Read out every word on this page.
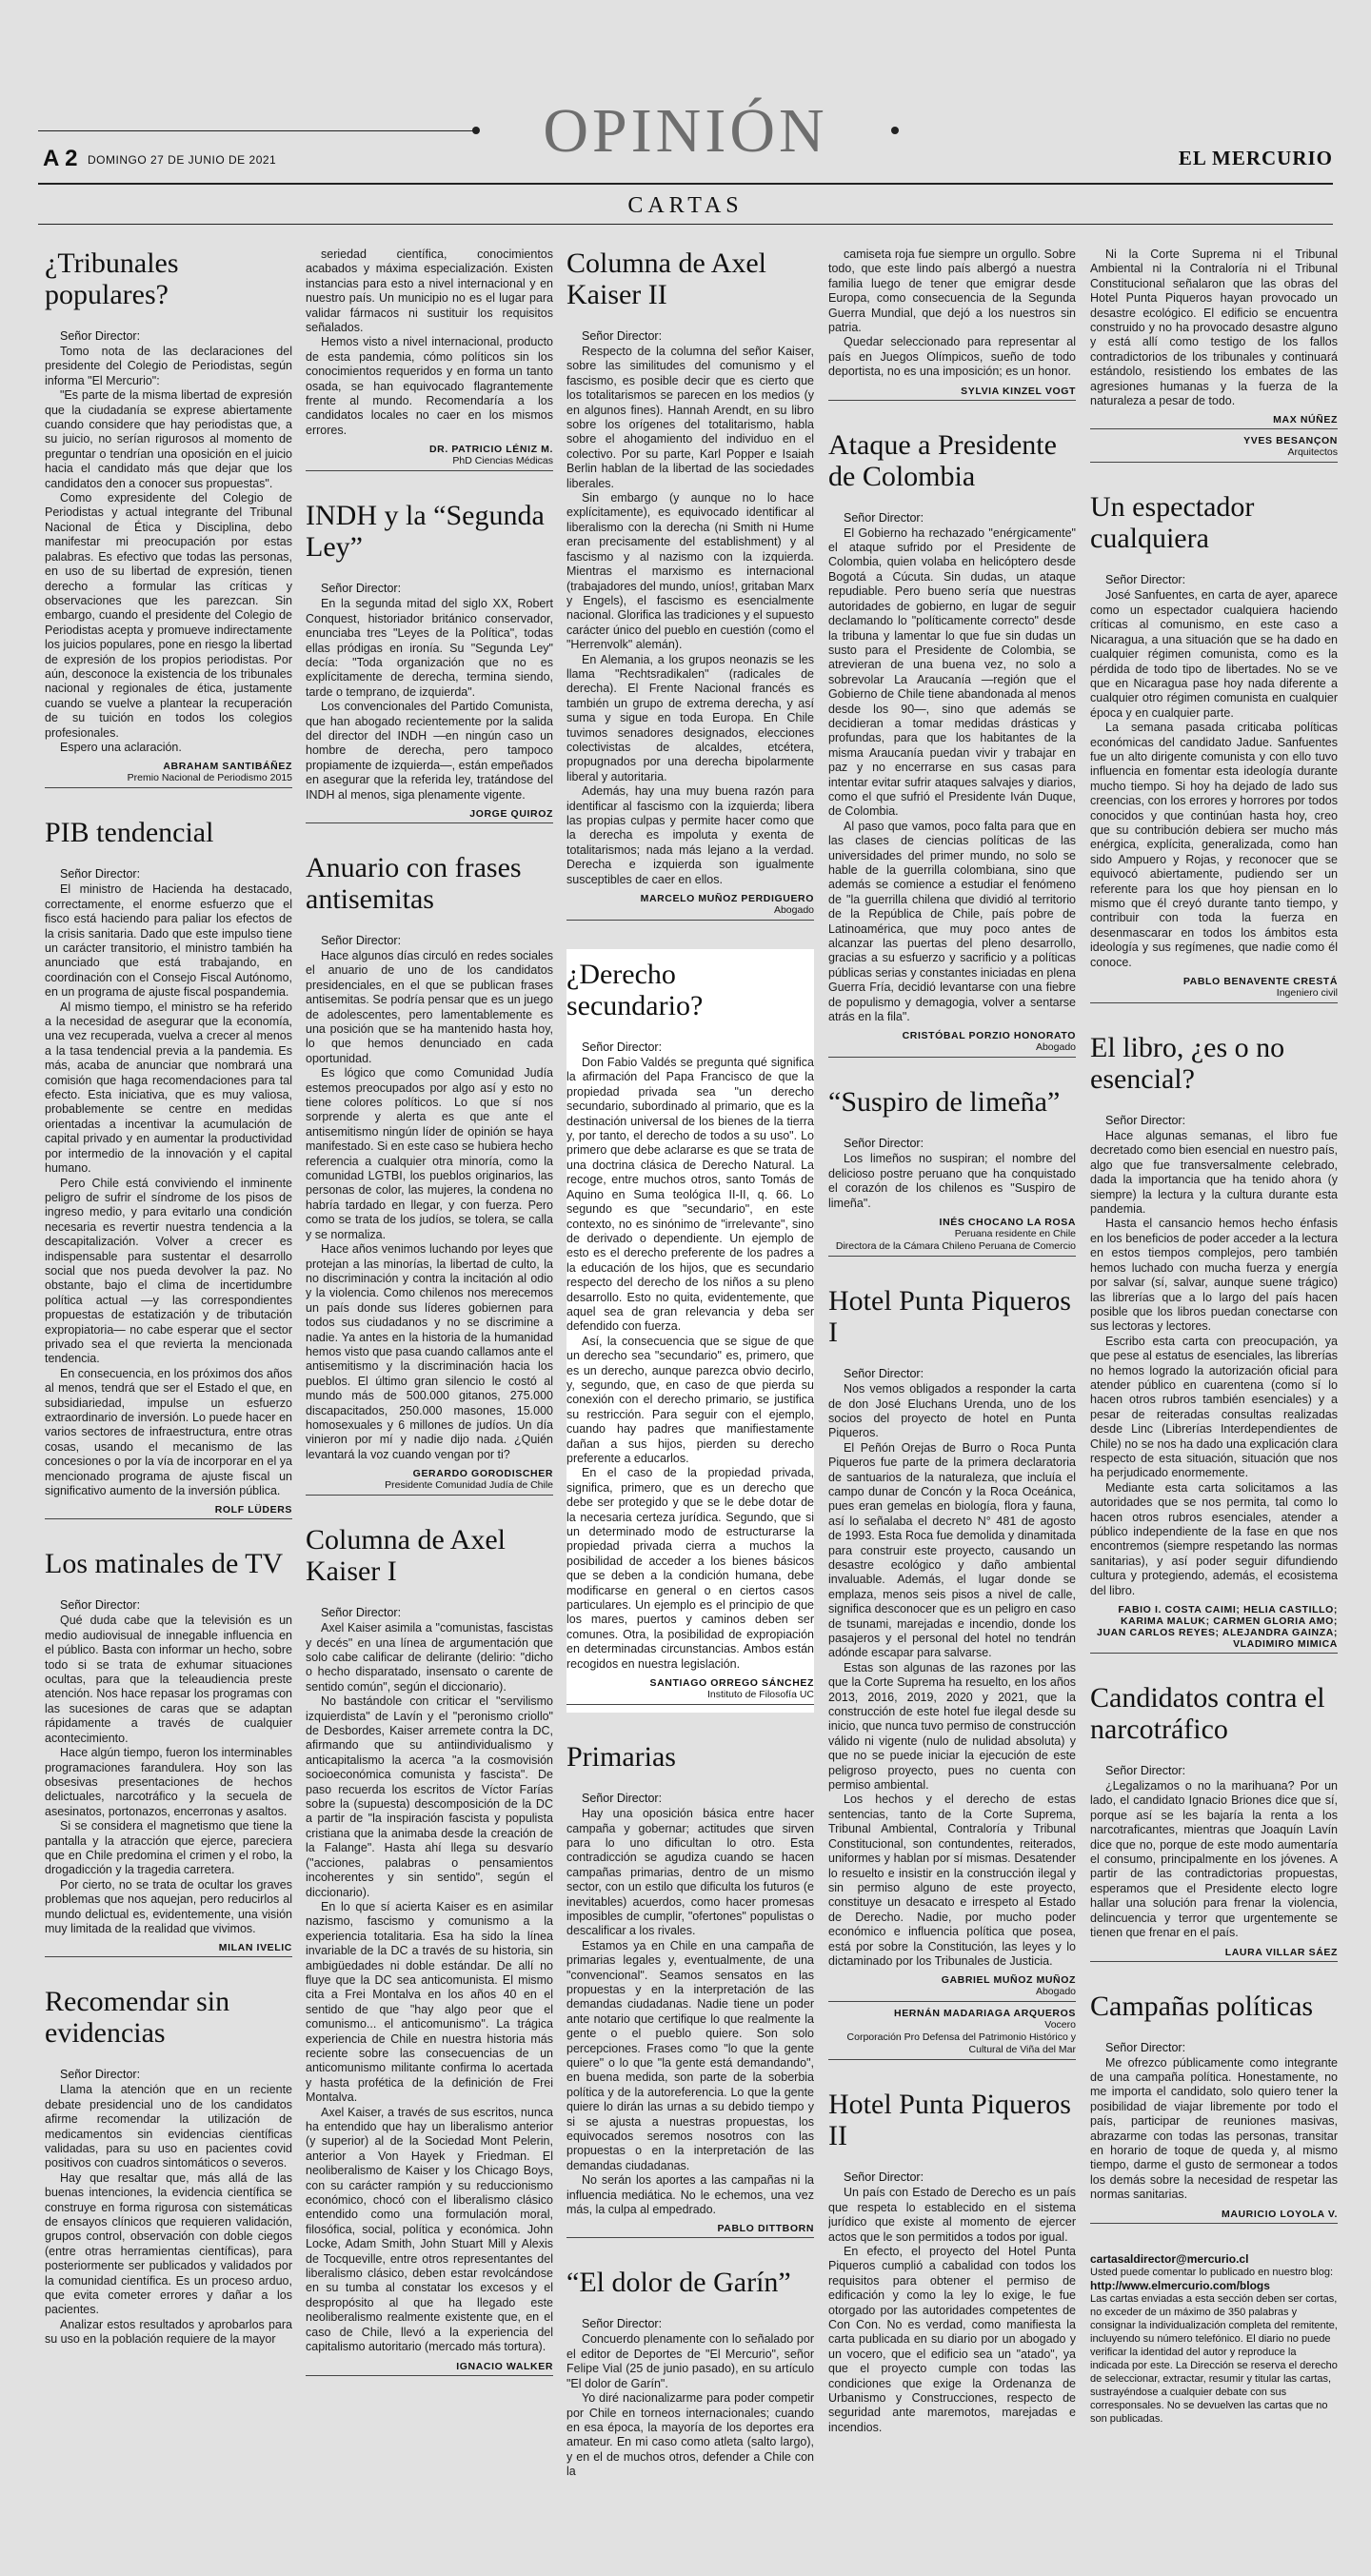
OPINIÓN
A 2 DOMINGO 27 DE JUNIO DE 2021	EL MERCURIO
CARTAS
¿Tribunales populares?
Señor Director:

Tomo nota de las declaraciones del presidente del Colegio de Periodistas, según informa "El Mercurio":

"Es parte de la misma libertad de expresión que la ciudadanía se exprese abiertamente cuando considere que hay periodistas que, a su juicio, no serían rigurosos al momento de preguntar o tendrían una oposición en el juicio hacia el candidato más que dejar que los candidatos den a conocer sus propuestas".

Como expresidente del Colegio de Periodistas y actual integrante del Tribunal Nacional de Ética y Disciplina, debo manifestar mi preocupación por estas palabras. Es efectivo que todas las personas, en uso de su libertad de expresión, tienen derecho a formular las críticas y observaciones que les parezcan. Sin embargo, cuando el presidente del Colegio de Periodistas acepta y promueve indirectamente los juicios populares, pone en riesgo la libertad de expresión de los propios periodistas. Por aún, desconoce la existencia de los tribunales nacional y regionales de ética, justamente cuando se vuelve a plantear la recuperación de su tuición en todos los colegios profesionales.

Espero una aclaración.

ABRAHAM SANTIBÁÑEZ
Premio Nacional de Periodismo 2015
PIB tendencial
Señor Director:

El ministro de Hacienda ha destacado, correctamente, el enorme esfuerzo que el fisco está haciendo para paliar los efectos de la crisis sanitaria. Dado que este impulso tiene un carácter transitorio, el ministro también ha anunciado que está trabajando, en coordinación con el Consejo Fiscal Autónomo, en un programa de ajuste fiscal pospandemia.

Al mismo tiempo, el ministro se ha referido a la necesidad de asegurar que la economía, una vez recuperada, vuelva a crecer al menos a la tasa tendencial previa a la pandemia. Es más, acaba de anunciar que nombrará una comisión que haga recomendaciones para tal efecto. Esta iniciativa, que es muy valiosa, probablemente se centre en medidas orientadas a incentivar la acumulación de capital privado y en aumentar la productividad por intermedio de la innovación y el capital humano.

Pero Chile está conviviendo el inminente peligro de sufrir el síndrome de los pisos de ingreso medio, y para evitarlo una condición necesaria es revertir nuestra tendencia a la descapitalización. Volver a crecer es indispensable para sustentar el desarrollo social que nos pueda devolver la paz. No obstante, bajo el clima de incertidumbre política actual —y las correspondientes propuestas de estatización y de tributación expropiatoria— no cabe esperar que el sector privado sea el que revierta la mencionada tendencia.

En consecuencia, en los próximos dos años al menos, tendrá que ser el Estado el que, en subsidiariedad, impulse un esfuerzo extraordinario de inversión. Lo puede hacer en varios sectores de infraestructura, entre otras cosas, usando el mecanismo de las concesiones o por la vía de incorporar en el ya mencionado programa de ajuste fiscal un significativo aumento de la inversión pública.

ROLF LÜDERS
Los matinales de TV
Señor Director:

Qué duda cabe que la televisión es un medio audiovisual de innegable influencia en el público. Basta con informar un hecho, sobre todo si se trata de exhumar situaciones ocultas, para que la teleaudiencia preste atención. Nos hace repasar los programas con las sucesiones de caras que se adaptan rápidamente a través de cualquier acontecimiento.

Hace algún tiempo, fueron los interminables programaciones farandulera. Hoy son las obsesivas presentaciones de hechos delictuales, narcotráfico y la secuela de asesinatos, portonazos, encerronas y asaltos.

Si se considera el magnetismo que tiene la pantalla y la atracción que ejerce, pareciera que en Chile predomina el crimen y el robo, la drogadicción y la tragedia carretera.

Por cierto, no se trata de ocultar los graves problemas que nos aquejan, pero reducirlos al mundo delictual es, evidentemente, una visión muy limitada de la realidad que vivimos.

MILAN IVELIC
Recomendar sin evidencias
Señor Director:

Llama la atención que en un reciente debate presidencial uno de los candidatos afirme recomendar la utilización de medicamentos sin evidencias científicas validadas, para su uso en pacientes covid positivos con cuadros sintomáticos o severos.

Hay que resaltar que, más allá de las buenas intenciones, la evidencia científica se construye en forma rigurosa con sistemáticas de ensayos clínicos que requieren validación, grupos control, observación con doble ciegos (entre otras herramientas científicas), para posteriormente ser publicados y validados por la comunidad científica. Es un proceso arduo, que evita cometer errores y dañar a los pacientes.

Analizar estos resultados y aprobarlos para su uso en la población requiere de la mayor

seriedad científica, conocimientos acabados y máxima especialización. Existen instancias para esto a nivel internacional y en nuestro país. Un municipio no es el lugar para validar fármacos ni sustituir los requisitos señalados.

Hemos visto a nivel internacional, producto de esta pandemia, cómo políticos sin los conocimientos requeridos y en forma un tanto osada, se han equivocado flagrantemente frente al mundo. Recomendaría a los candidatos locales no caer en los mismos errores.

DR. PATRICIO LÉNIZ M.
PhD Ciencias Médicas
INDH y la “Segunda Ley”
Señor Director:

En la segunda mitad del siglo XX, Robert Conquest, historiador británico conservador, enunciaba tres "Leyes de la Política", todas ellas pródigas en ironía. Su "Segunda Ley" decía: "Toda organización que no es explícitamente de derecha, termina siendo, tarde o temprano, de izquierda".

Los convencionales del Partido Comunista, que han abogado recientemente por la salida del director del INDH —en ningún caso un hombre de derecha, pero tampoco propiamente de izquierda—, están empeñados en asegurar que la referida ley, tratándose del INDH al menos, siga plenamente vigente.

JORGE QUIROZ
Anuario con frases antisemitas
Señor Director:

Hace algunos días circuló en redes sociales el anuario de uno de los candidatos presidenciales, en el que se publican frases antisemitas. Se podría pensar que es un juego de adolescentes, pero lamentablemente es una posición que se ha mantenido hasta hoy, lo que hemos denunciado en cada oportunidad.

Es lógico que como Comunidad Judía estemos preocupados por algo así y esto no tiene colores políticos. Lo que sí nos sorprende y alerta es que ante el antisemitismo ningún líder de opinión se haya manifestado. Si en este caso se hubiera hecho referencia a cualquier otra minoría, como la comunidad LGTBI, los pueblos originarios, las personas de color, las mujeres, la condena no habría tardado en llegar, y con fuerza. Pero como se trata de los judíos, se tolera, se calla y se normaliza.

Hace años venimos luchando por leyes que protejan a las minorías, la libertad de culto, la no discriminación y contra la incitación al odio y la violencia. Como chilenos nos merecemos un país donde sus líderes gobiernen para todos sus ciudadanos y no se discrimine a nadie. Ya antes en la historia de la humanidad hemos visto que pasa cuando callamos ante el antisemitismo y la discriminación hacia los pueblos. El último gran silencio le costó al mundo más de 500.000 gitanos, 275.000 discapacitados, 250.000 masones, 15.000 homosexuales y 6 millones de judíos. Un día vinieron por mí y nadie dijo nada. ¿Quién levantará la voz cuando vengan por ti?

GERARDO GORODISCHER
Presidente Comunidad Judía de Chile
Columna de Axel Kaiser I
Señor Director:

Axel Kaiser asimila a "comunistas, fascistas y decés" en una línea de argumentación que solo cabe calificar de delirante (delirio: "dicho o hecho disparatado, insensato o carente de sentido común", según el diccionario).

No bastándole con criticar el "servilismo izquierdista" de Lavín y el "peronismo criollo" de Desbordes, Kaiser arremete contra la DC, afirmando que su antiindividualismo y anticapitalismo la acerca "a la cosmovisión socioeconómica comunista y fascista". De paso recuerda los escritos de Víctor Farías sobre la (supuesta) descomposición de la DC a partir de "la inspiración fascista y populista cristiana que la animaba desde la creación de la Falange". Hasta ahí llega su desvarío ("acciones, palabras o pensamientos incoherentes y sin sentido", según el diccionario).

En lo que sí acierta Kaiser es en asimilar nazismo, fascismo y comunismo a la experiencia totalitaria. Esa ha sido la línea invariable de la DC a través de su historia, sin ambigüedades ni doble estándar. De allí no fluye que la DC sea anticomunista. El mismo cita a Frei Montalva en los años 40 en el sentido de que "hay algo peor que el comunismo... el anticomunismo". La trágica experiencia de Chile en nuestra historia más reciente sobre las consecuencias de un anticomunismo militante confirma lo acertada y hasta profética de la definición de Frei Montalva.

Axel Kaiser, a través de sus escritos, nunca ha entendido que hay un liberalismo anterior (y superior) al de la Sociedad Mont Pelerin, anterior a Von Hayek y Friedman. El neoliberalismo de Kaiser y los Chicago Boys, con su carácter rampión y su reduccionismo económico, chocó con el liberalismo clásico entendido como una formulación moral, filosófica, social, política y económica. John Locke, Adam Smith, John Stuart Mill y Alexis de Tocqueville, entre otros representantes del liberalismo clásico, deben estar revolcándose en su tumba al constatar los excesos y el despropósito al que ha llegado este neoliberalismo realmente existente que, en el caso de Chile, llevó a la experiencia del capitalismo autoritario (mercado más tortura).

IGNACIO WALKER
Columna de Axel Kaiser II
Señor Director:

Respecto de la columna del señor Kaiser, sobre las similitudes del comunismo y el fascismo, es posible decir que es cierto que los totalitarismos se parecen en los medios (y en algunos fines). Hannah Arendt, en su libro sobre los orígenes del totalitarismo, habla sobre el ahogamiento del individuo en el colectivo. Por su parte, Karl Popper e Isaiah Berlin hablan de la libertad de las sociedades liberales.

Sin embargo (y aunque no lo hace explícitamente), es equivocado identificar al liberalismo con la derecha (ni Smith ni Hume eran precisamente del establishment) y al fascismo y al nazismo con la izquierda. Mientras el marxismo es internacional (trabajadores del mundo, uníos!, gritaban Marx y Engels), el fascismo es esencialmente nacional. Glorifica las tradiciones y el supuesto carácter único del pueblo en cuestión (como el "Herrenvolk" alemán).

En Alemania, a los grupos neonazis se les llama "Rechtsradikalen" (radicales de derecha). El Frente Nacional francés es también un grupo de extrema derecha, y así suma y sigue en toda Europa. En Chile tuvimos senadores designados, elecciones colectivistas de alcaldes, etcétera, propugnados por una derecha bipolarmente liberal y autoritaria.

Además, hay una muy buena razón para identificar al fascismo con la izquierda; libera las propias culpas y permite hacer como que la derecha es impoluta y exenta de totalitarismos; nada más lejano a la verdad. Derecha e izquierda son igualmente susceptibles de caer en ellos.

MARCELO MUÑOZ PERDIGUERO
Abogado
¿Derecho secundario?
Señor Director:

Don Fabio Valdés se pregunta qué significa la afirmación del Papa Francisco de que la propiedad privada sea "un derecho secundario, subordinado al primario, que es la destinación universal de los bienes de la tierra y, por tanto, el derecho de todos a su uso". Lo primero que debe aclararse es que se trata de una doctrina clásica de Derecho Natural. La recoge, entre muchos otros, santo Tomás de Aquino en Suma teológica II-II, q. 66. Lo segundo es que "secundario", en este contexto, no es sinónimo de "irrelevante", sino de derivado o dependiente. Un ejemplo de esto es el derecho preferente de los padres a la educación de los hijos, que es secundario respecto del derecho de los niños a su pleno desarrollo. Esto no quita, evidentemente, que aquel sea de gran relevancia y deba ser defendido con fuerza.

Así, la consecuencia que se sigue de que un derecho sea "secundario" es, primero, que es un derecho, aunque parezca obvio decirlo, y, segundo, que, en caso de que pierda su conexión con el derecho primario, se justifica su restricción. Para seguir con el ejemplo, cuando hay padres que manifiestamente dañan a sus hijos, pierden su derecho preferente a educarlos.

En el caso de la propiedad privada, significa, primero, que es un derecho que debe ser protegido y que se le debe dotar de la necesaria certeza jurídica. Segundo, que si un determinado modo de estructurarse la propiedad privada cierra a muchos la posibilidad de acceder a los bienes básicos que se deben a la condición humana, debe modificarse en general o en ciertos casos particulares. Un ejemplo es el principio de que los mares, puertos y caminos deben ser comunes. Otra, la posibilidad de expropiación en determinadas circunstancias. Ambos están recogidos en nuestra legislación.

SANTIAGO ORREGO SÁNCHEZ
Instituto de Filosofía UC
Primarias
Señor Director:

Hay una oposición básica entre hacer campaña y gobernar; actitudes que sirven para lo uno dificultan lo otro. Esta contradicción se agudiza cuando se hacen campañas primarias, dentro de un mismo sector, con un estilo que dificulta los futuros (e inevitables) acuerdos, como hacer promesas imposibles de cumplir, "ofertones" populistas o descalificar a los rivales.

Estamos ya en Chile en una campaña de primarias legales y, eventualmente, de una "convencional". Seamos sensatos en las propuestas y en la interpretación de las demandas ciudadanas. Nadie tiene un poder ante notario que certifique lo que realmente la gente o el pueblo quiere. Son solo percepciones. Frases como "lo que la gente quiere" o lo que "la gente está demandando", en buena medida, son parte de la soberbia política y de la autoreferencia. Lo que la gente quiere lo dirán las urnas a su debido tiempo y si se ajusta a nuestras propuestas, los equivocados seremos nosotros con las propuestas o en la interpretación de las demandas ciudadanas.

No serán los aportes a las campañas ni la influencia mediática. No le echemos, una vez más, la culpa al empedrado.

PABLO DITTBORN
“El dolor de Garín”
Señor Director:

Concuerdo plenamente con lo señalado por el editor de Deportes de "El Mercurio", señor Felipe Vial (25 de junio pasado), en su artículo "El dolor de Garín".

Yo diré nacionalizarme para poder competir por Chile en torneos internacionales; cuando en esa época, la mayoría de los deportes era amateur. En mi caso como atleta (salto largo), y en el de muchos otros, defender a Chile con la

camiseta roja fue siempre un orgullo. Sobre todo, que este lindo país albergó a nuestra familia luego de tener que emigrar desde Europa, como consecuencia de la Segunda Guerra Mundial, que dejó a los nuestros sin patria.

Quedar seleccionado para representar al país en Juegos Olímpicos, sueño de todo deportista, no es una imposición; es un honor.

SYLVIA KINZEL VOGT
Ataque a Presidente de Colombia
Señor Director:

El Gobierno ha rechazado "enérgicamente" el ataque sufrido por el Presidente de Colombia, quien volaba en helicóptero desde Bogotá a Cúcuta. Sin dudas, un ataque repudiable. Pero bueno sería que nuestras autoridades de gobierno, en lugar de seguir declamando lo "políticamente correcto" desde la tribuna y lamentar lo que fue sin dudas un susto para el Presidente de Colombia, se atrevieran de una buena vez, no solo a sobrevolar La Araucanía —región que el Gobierno de Chile tiene abandonada al menos desde los 90—, sino que además se decidieran a tomar medidas drásticas y profundas, para que los habitantes de la misma Araucanía puedan vivir y trabajar en paz y no encerrarse en sus casas para intentar evitar sufrir ataques salvajes y diarios, como el que sufrió el Presidente Iván Duque, de Colombia.

Al paso que vamos, poco falta para que en las clases de ciencias políticas de las universidades del primer mundo, no solo se hable de la guerrilla colombiana, sino que además se comience a estudiar el fenómeno de "la guerrilla chilena que dividió al territorio de la República de Chile, país pobre de Latinoamérica, que muy poco antes de alcanzar las puertas del pleno desarrollo, gracias a su esfuerzo y sacrificio y a políticas públicas serias y constantes iniciadas en plena Guerra Fría, decidió levantarse con una fiebre de populismo y demagogia, volver a sentarse atrás en la fila".

CRISTÓBAL PORZIO HONORATO
Abogado
“Suspiro de limeña”
Señor Director:

Los limeños no suspiran; el nombre del delicioso postre peruano que ha conquistado el corazón de los chilenos es "Suspiro de limeña".

INÉS CHOCANO LA ROSA
Peruana residente en Chile
Directora de la Cámara Chileno Peruana de Comercio
Hotel Punta Piqueros I
Señor Director:

Nos vemos obligados a responder la carta de don José Eluchans Urenda, uno de los socios del proyecto de hotel en Punta Piqueros.

El Peñón Orejas de Burro o Roca Punta Piqueros fue parte de la primera declaratoria de santuarios de la naturaleza, que incluía el campo dunar de Concón y la Roca Oceánica, pues eran gemelas en biología, flora y fauna, así lo señalaba el decreto N° 481 de agosto de 1993. Esta Roca fue demolida y dinamitada para construir este proyecto, causando un desastre ecológico y daño ambiental invaluable. Además, el lugar donde se emplaza, menos seis pisos a nivel de calle, significa desconocer que es un peligro en caso de tsunami, marejadas e incendio, donde los pasajeros y el personal del hotel no tendrán adónde escapar para salvarse.

Estas son algunas de las razones por las que la Corte Suprema ha resuelto, en los años 2013, 2016, 2019, 2020 y 2021, que la construcción de este hotel fue ilegal desde su inicio, que nunca tuvo permiso de construcción válido ni vigente (nulo de nulidad absoluta) y que no se puede iniciar la ejecución de este peligroso proyecto, pues no cuenta con permiso ambiental.

Los hechos y el derecho de estas sentencias, tanto de la Corte Suprema, Tribunal Ambiental, Contraloría y Tribunal Constitucional, son contundentes, reiterados, uniformes y hablan por sí mismas. Desatender lo resuelto e insistir en la construcción ilegal y sin permiso alguno de este proyecto, constituye un desacato e irrespeto al Estado de Derecho. Nadie, por mucho poder económico e influencia política que posea, está por sobre la Constitución, las leyes y lo dictaminado por los Tribunales de Justicia.

GABRIEL MUÑOZ MUÑOZ
Abogado
HERNÁN MADARIAGA ARQUEROS
Vocero
Corporación Pro Defensa del Patrimonio Histórico y Cultural de Viña del Mar
Hotel Punta Piqueros II
Señor Director:

Un país con Estado de Derecho es un país que respeta lo establecido en el sistema jurídico que existe al momento de ejercer actos que le son permitidos a todos por igual.

En efecto, el proyecto del Hotel Punta Piqueros cumplió a cabalidad con todos los requisitos para obtener el permiso de edificación y como la ley lo exige, le fue otorgado por las autoridades competentes de Con Con. No es verdad, como manifiesta la carta publicada en su diario por un abogado y un vocero, que el edificio sea un "atado", ya que el proyecto cumple con todas las condiciones que exige la Ordenanza de Urbanismo y Construcciones, respecto de seguridad ante maremotos, marejadas e incendios.

Ni la Corte Suprema ni el Tribunal Ambiental ni la Contraloría ni el Tribunal Constitucional señalaron que las obras del Hotel Punta Piqueros hayan provocado un desastre ecológico. El edificio se encuentra construido y no ha provocado desastre alguno y está allí como testigo de los fallos contradictorios de los tribunales y continuará estándolo, resistiendo los embates de las agresiones humanas y la fuerza de la naturaleza a pesar de todo.

MAX NÚÑEZ
YVES BESANÇON
Arquitectos
Un espectador cualquiera
Señor Director:

José Sanfuentes, en carta de ayer, aparece como un espectador cualquiera haciendo críticas al comunismo, en este caso a Nicaragua, a una situación que se ha dado en cualquier régimen comunista, como es la pérdida de todo tipo de libertades. No se ve que en Nicaragua pase hoy nada diferente a cualquier otro régimen comunista en cualquier época y en cualquier parte.

La semana pasada criticaba políticas económicas del candidato Jadue. Sanfuentes fue un alto dirigente comunista y con ello tuvo influencia en fomentar esta ideología durante mucho tiempo. Si hoy ha dejado de lado sus creencias, con los errores y horrores por todos conocidos y que continúan hasta hoy, creo que su contribución debiera ser mucho más enérgica, explícita, generalizada, como han sido Ampuero y Rojas, y reconocer que se equivocó abiertamente, pudiendo ser un referente para los que hoy piensan en lo mismo que él creyó durante tanto tiempo, y contribuir con toda la fuerza en desenmascarar en todos los ámbitos esta ideología y sus regímenes, que nadie como él conoce.

PABLO BENAVENTE CRESTÁ
Ingeniero civil
El libro, ¿es o no esencial?
Señor Director:

Hace algunas semanas, el libro fue decretado como bien esencial en nuestro país, algo que fue transversalmente celebrado, dada la importancia que ha tenido ahora (y siempre) la lectura y la cultura durante esta pandemia.

Hasta el cansancio hemos hecho énfasis en los beneficios de poder acceder a la lectura en estos tiempos complejos, pero también hemos luchado con mucha fuerza y energía por salvar (sí, salvar, aunque suene trágico) las librerías que a lo largo del país hacen posible que los libros puedan conectarse con sus lectoras y lectores.

Escribo esta carta con preocupación, ya que pese al estatus de esenciales, las librerías no hemos logrado la autorización oficial para atender público en cuarentena (como sí lo hacen otros rubros también esenciales) y a pesar de reiteradas consultas realizadas desde Linc (Librerías Interdependientes de Chile) no se nos ha dado una explicación clara respecto de esta situación, situación que nos ha perjudicado enormemente.

Mediante esta carta solicitamos a las autoridades que se nos permita, tal como lo hacen otros rubros esenciales, atender a público independiente de la fase en que nos encontremos (siempre respetando las normas sanitarias), y así poder seguir difundiendo cultura y protegiendo, además, el ecosistema del libro.

FABIO I. COSTA CAIMI; HELIA CASTILLO; KARIMA MALUK; CARMEN GLORIA AMO; JUAN CARLOS REYES; ALEJANDRA GAINZA; VLADIMIRO MIMICA
Candidatos contra el narcotráfico
Señor Director:

¿Legalizamos o no la marihuana? Por un lado, el candidato Ignacio Briones dice que sí, porque así se les bajaría la renta a los narcotraficantes, mientras que Joaquín Lavín dice que no, porque de este modo aumentaría el consumo, principalmente en los jóvenes. A partir de las contradictorias propuestas, esperamos que el Presidente electo logre hallar una solución para frenar la violencia, delincuencia y terror que urgentemente se tienen que frenar en el país.

LAURA VILLAR SÁEZ
Campañas políticas
Señor Director:

Me ofrezco públicamente como integrante de una campaña política. Honestamente, no me importa el candidato, solo quiero tener la posibilidad de viajar libremente por todo el país, participar de reuniones masivas, abrazarme con todas las personas, transitar en horario de toque de queda y, al mismo tiempo, darme el gusto de sermonear a todos los demás sobre la necesidad de respetar las normas sanitarias.

MAURICIO LOYOLA V.
cartasaldirector@mercurio.cl
Usted puede comentar lo publicado en nuestro blog:
http://www.elmercurio.com/blogs
Las cartas enviadas a esta sección deben ser cortas, no exceder de un máximo de 350 palabras y consignar la individualización completa del remitente, incluyendo su número telefónico. El diario no puede verificar la identidad del autor y reproduce la indicada por este. La Dirección se reserva el derecho de seleccionar, extractar, resumir y titular las cartas, sustrayéndose a cualquier debate con sus corresponsales. No se devuelven las cartas que no son publicadas.
